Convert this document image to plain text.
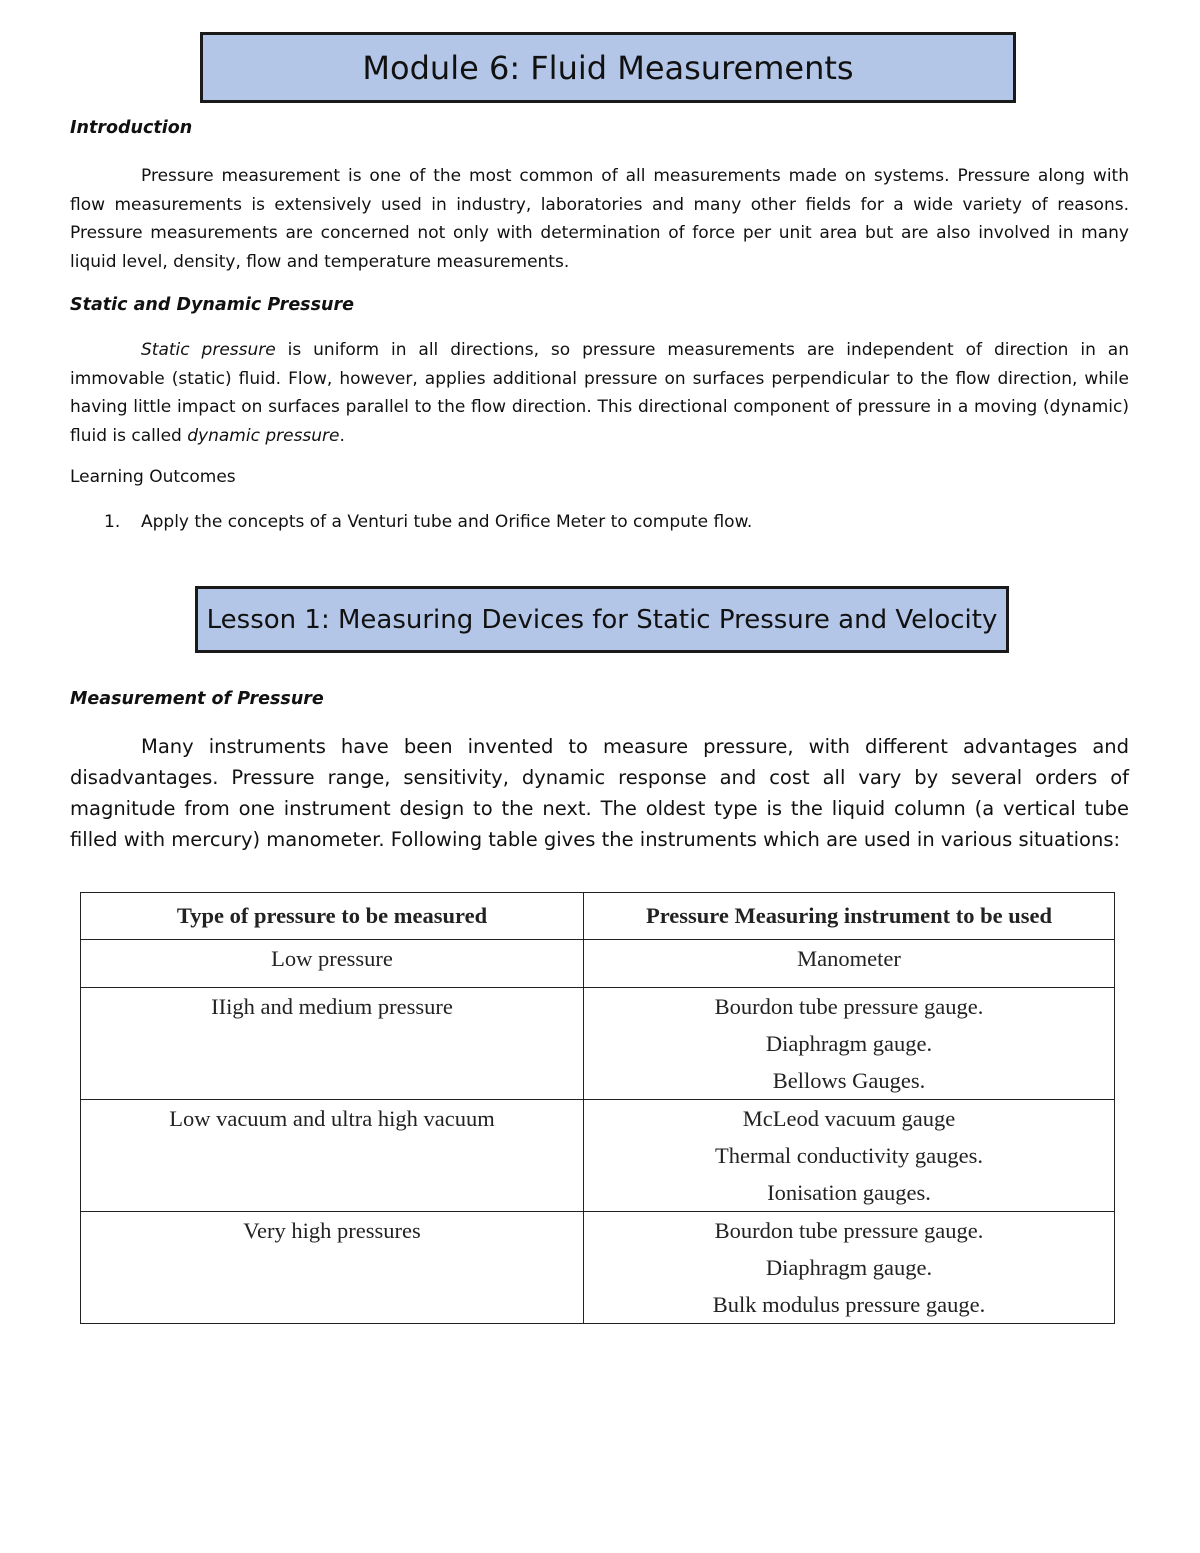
Module 6: Fluid Measurements
Introduction

Pressure measurement is one of the most common of all measurements made on systems. Pressure along with flow measurements is extensively used in industry, laboratories and many other fields for a wide variety of reasons. Pressure measurements are concerned not only with determination of force per unit area but are also involved in many liquid level, density, flow and temperature measurements.

Static and Dynamic Pressure

Static pressure is uniform in all directions, so pressure measurements are independent of direction in an immovable (static) fluid. Flow, however, applies additional pressure on surfaces perpendicular to the flow direction, while having little impact on surfaces parallel to the flow direction. This directional component of pressure in a moving (dynamic) fluid is called dynamic pressure.

Learning Outcomes
1. Apply the concepts of a Venturi tube and Orifice Meter to compute flow.
Lesson 1: Measuring Devices for Static Pressure and Velocity
Measurement of Pressure

Many instruments have been invented to measure pressure, with different advantages and disadvantages. Pressure range, sensitivity, dynamic response and cost all vary by several orders of magnitude from one instrument design to the next. The oldest type is the liquid column (a vertical tube filled with mercury) manometer. Following table gives the instruments which are used in various situations:

Type of pressure to be measured	Pressure Measuring instrument to be used

Low pressure	Manometer

IIigh and medium pressure	Bourdon tube pressure gauge.
Diaphragm gauge.
Bellows Gauges.

Low vacuum and ultra high vacuum	McLeod vacuum gauge
Thermal conductivity gauges.
Ionisation gauges.

Very high pressures	Bourdon tube pressure gauge.
Diaphragm gauge.
Bulk modulus pressure gauge.
